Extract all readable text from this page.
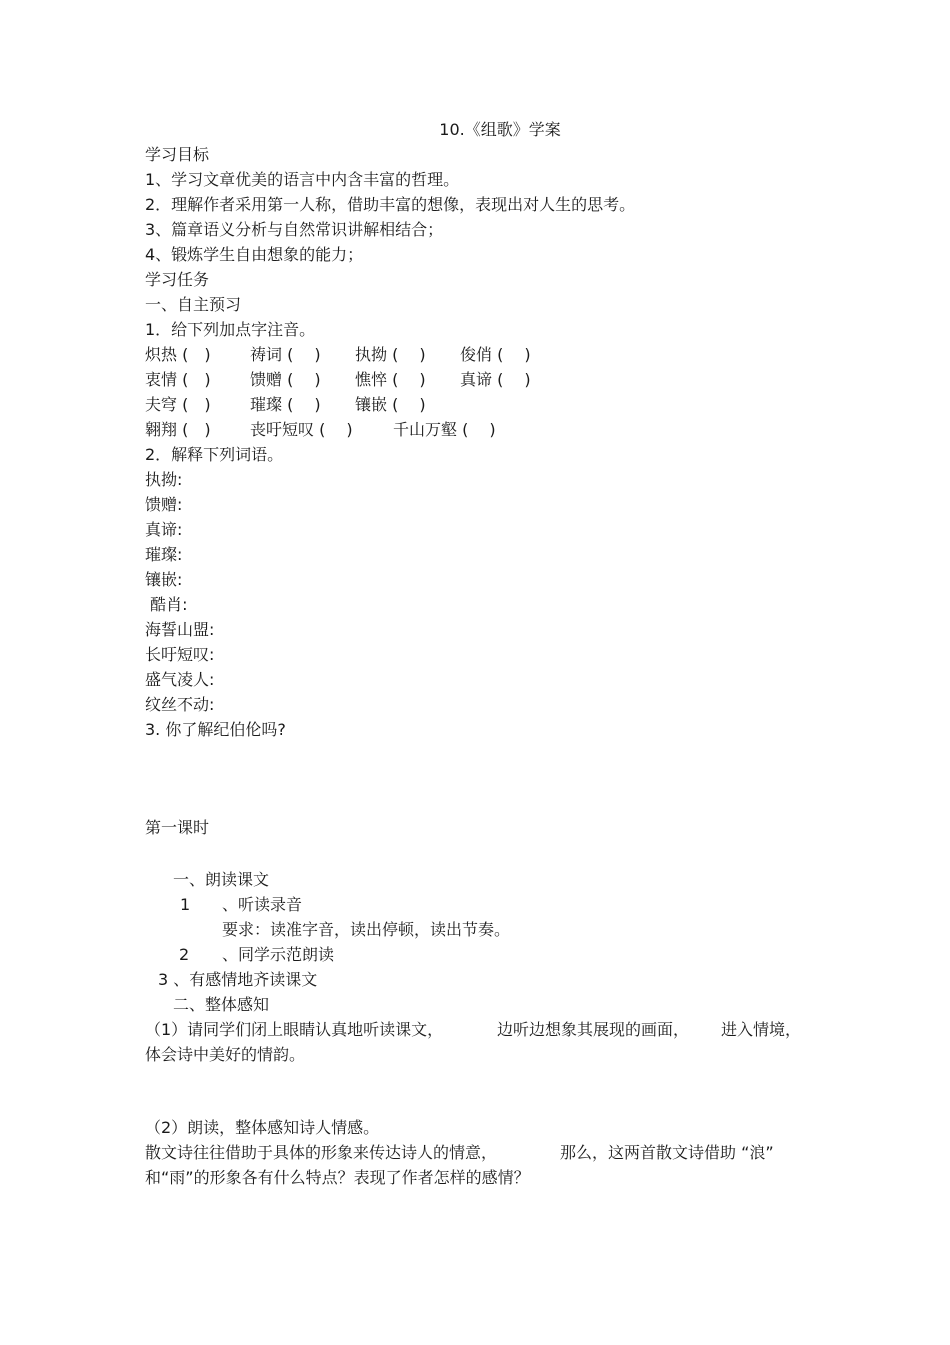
10.《组歌》学案
学习目标
1、学习文章优美的语言中内含丰富的哲理。
2．理解作者采用第一人称，借助丰富的想像，表现出对人生的思考。
3、篇章语义分析与自然常识讲解相结合；
4、锻炼学生自由想象的能力；
学习任务
一、自主预习
1．给下列加点字注音。
炽热 (　) 祷词 (　 ) 执拗 (　 ) 俊俏 (　 )
衷情 (　) 馈赠 (　 ) 憔悴 (　 ) 真谛 (　 )
夫穹 (　) 璀璨 (　 ) 镶嵌 (　 )
翱翔 (　) 丧吁短叹 (　 )	千山万壑 (　 )
2．解释下列词语。
执拗:
馈赠:
真谛:
璀璨:
镶嵌:
酷肖:
海誓山盟:
长吁短叹:
盛气凌人:
纹丝不动:
3. 你了解纪伯伦吗?
第一课时
一、朗读课文
1 、听读录音
要求：读准字音，读出停顿，读出节奏。
2 、同学示范朗读
3 、有感情地齐读课文
二、整体感知
（1）请同学们闭上眼睛认真地听读课文，	边听边想象其展现的画面， 进入情境，
体会诗中美好的情韵。
（2）朗读，整体感知诗人情感。
散文诗往往借助于具体的形象来传达诗人的情意，	那么，这两首散文诗借助 “浪”
和“雨”的形象各有什么特点？表现了作者怎样的感情？
